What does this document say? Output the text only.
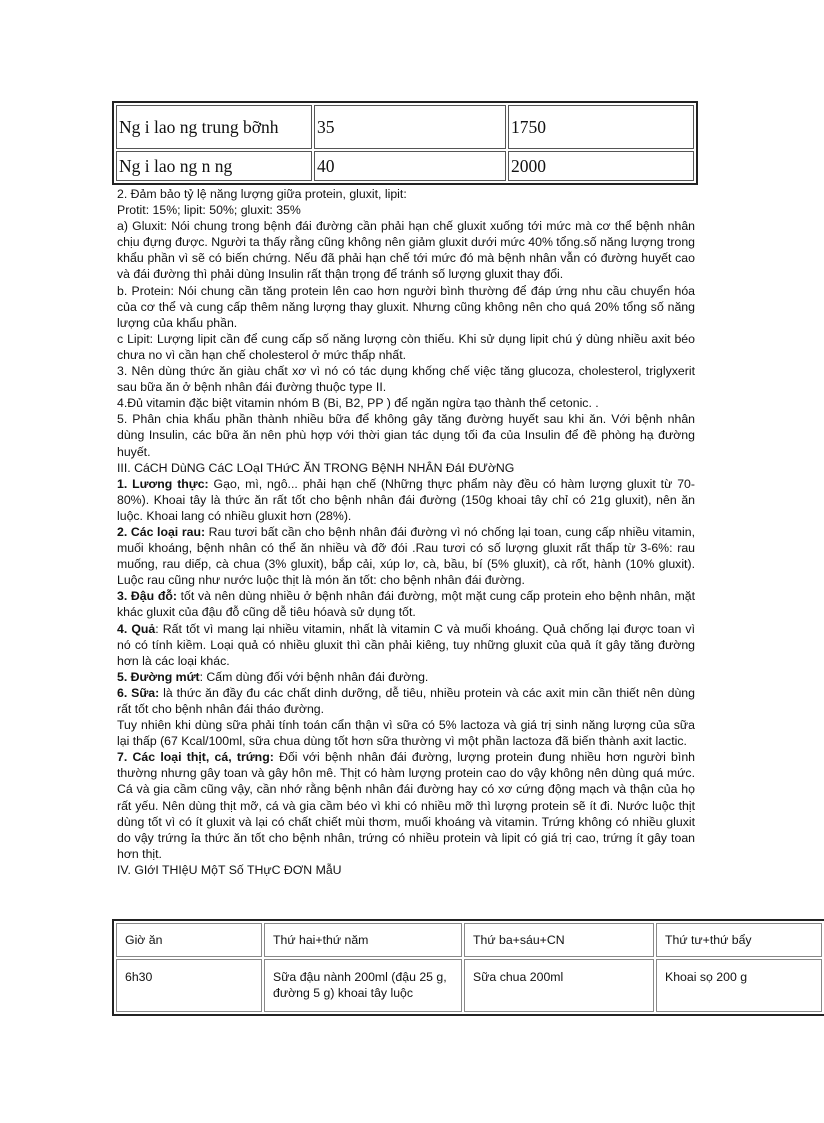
Ng i lao ng trung bỡnh	35	1750
Ng i lao ng n ng	40	2000

2. Đảm bảo tỷ lệ năng lượng giữa protein, gluxit, lipit:

Protit: 15%; lipit: 50%; gluxit: 35%

a) Gluxit: Nói chung trong bệnh đái đường cần phải hạn chế gluxit xuống tới mức mà cơ thể bệnh nhân chịu đựng được. Người ta thấy rằng cũng không nên giảm gluxit dưới mức 40% tổng.số năng lượng trong khẩu phần vì sẽ có biến chứng. Nếu đã phải hạn chế tới mức đó mà bệnh nhân vẫn có đường huyết cao và đái đường thì phải dùng Insulin rất thận trọng để tránh số lượng gluxit thay đổi.

b. Protein: Nói chung cần tăng protein lên cao hơn người bình thường để đáp ứng nhu cầu chuyển hóa của cơ thể và cung cấp thêm năng lượng thay gluxit. Nhưng cũng không nên cho quá 20% tổng số năng lượng của khẩu phần.

c Lipit: Lượng lipit cần để cung cấp số năng lượng còn thiếu. Khi sử dụng lipit chú ý dùng nhiều axit béo chưa no vì cần hạn chế cholesterol ở mức thấp nhất.

3. Nên dùng thức ăn giàu chất xơ vì nó có tác dụng khống chế việc tăng glucoza, cholesterol, triglyxerit sau bữa ăn ở bệnh nhân đái đường thuộc type II.

4.Đủ vitamin đặc biệt vitamin nhóm B (Bi, B2, PP ) để ngăn ngừa tạo thành thể cetonic. .

5. Phân chia khẩu phần thành nhiều bữa để không gây tăng đường huyết sau khi ăn. Với bệnh nhân dùng Insulin, các bữa ăn nên phù hợp với thời gian tác dụng tối đa của Insulin để đề phòng hạ đường huyết.

III. CáCH DùNG CáC LOạI THứC ĂN TRONG BệNH NHÂN ĐáI ĐƯờNG

1. Lương thực: Gạo, mì, ngô... phải hạn chế (Những thực phẩm này đều có hàm lượng gluxit từ 70-80%). Khoai tây là thức ăn rất tốt cho bệnh nhân đái đường (150g khoai tây chỉ có 21g gluxit), nên ăn luộc. Khoai lang có nhiều gluxit hơn (28%).

2. Các loại rau: Rau tươi bất cần cho bệnh nhân đái đường vì nó chống lại toan, cung cấp nhiều vitamin, muối khoáng, bệnh nhân có thể ăn nhiều và đỡ đói .Rau tươi có số lượng gluxit rất thấp từ 3-6%: rau muống, rau diếp, cà chua (3% gluxit), bắp cải, xúp lơ, cà, bầu, bí (5% gluxit), cà rốt, hành (10% gluxit). Luộc rau cũng như nước luộc thịt là món ăn tốt: cho bệnh nhân đái đường.

3. Đậu đỗ: tốt và nên dùng nhiều ở bệnh nhân đái đường, một mặt cung cấp protein eho bệnh nhân, mặt khác gluxit của đậu đỗ cũng dễ tiêu hóavà sử dụng tốt.

4. Quả: Rất tốt vì mang lại nhiều vitamin, nhất là vitamin C và muối khoáng. Quả chống lại được toan vì nó có tính kiềm. Loại quả có nhiều gluxit thì cần phải kiêng, tuy những gluxit của quả ít gây tăng đường hơn là các loại khác.

5. Đường mứt: Cấm dùng đối với bệnh nhân đái đường.

6. Sữa: là thức ăn đầy đu các chất dinh dưỡng, dễ tiêu, nhiều protein và các axit min cần thiết nên dùng rất tốt cho bệnh nhân đái tháo đường.

Tuy nhiên khi dùng sữa phải tính toán cẩn thận vì sữa có 5% lactoza và giá trị sinh năng lượng của sữa lại thấp (67 Kcal/100ml, sữa chua dùng tốt hơn sữa thường vì một phần lactoza đã biến thành axit lactic.

7. Các loại thịt, cá, trứng: Đối với bệnh nhân đái đường, lượng protein đung nhiều hơn người bình thường nhưng gây toan và gây hôn mê. Thịt có hàm lượng protein cao do vậy không nên dùng quá mức. Cá và gia cầm cũng vậy, cần nhớ rằng bệnh nhân đái đường hay có xơ cứng động mạch và thận của họ rất yếu. Nên dùng thịt mỡ, cá và gia cầm béo vì khi có nhiều mỡ thì lượng protein sẽ ít đi. Nước luộc thịt dùng tốt vì có ít gluxit và lại có chất chiết mùi thơm, muối khoáng và vitamin. Trứng không có nhiều gluxit do vậy trứng ỉa thức ăn tốt cho bệnh nhân, trứng có nhiều protein và lipit có giá trị cao, trứng ít gây toan hơn thịt.

IV. GIớI THIệU MộT Số THựC ĐƠN MẫU

Giờ ăn	Thứ hai+thứ năm	Thứ ba+sáu+CN	Thứ tư+thứ bẩy
6h30	Sữa đậu nành 200ml (đậu 25 g, đường 5 g) khoai tây luộc	Sữa chua 200ml	Khoai sọ 200 g
